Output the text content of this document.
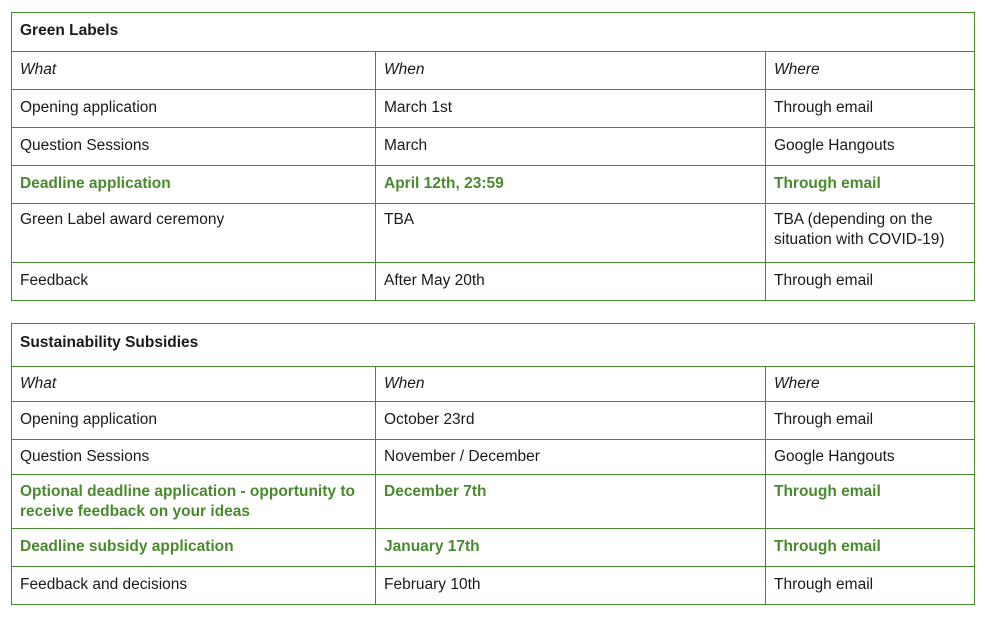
Green Labels		
What	When	Where
Opening application	March 1st	Through email
Question Sessions	March	Google Hangouts
Deadline application	April 12th, 23:59	Through email
Green Label award ceremony	TBA	TBA (depending on the situation with COVID-19)
Feedback	After May 20th	Through email
Sustainability Subsidies		
What	When	Where
Opening application	October 23rd	Through email
Question Sessions	November / December	Google Hangouts
Optional deadline application - opportunity to receive feedback on your ideas	December 7th	Through email
Deadline subsidy application	January 17th	Through email
Feedback and decisions	February 10th	Through email
